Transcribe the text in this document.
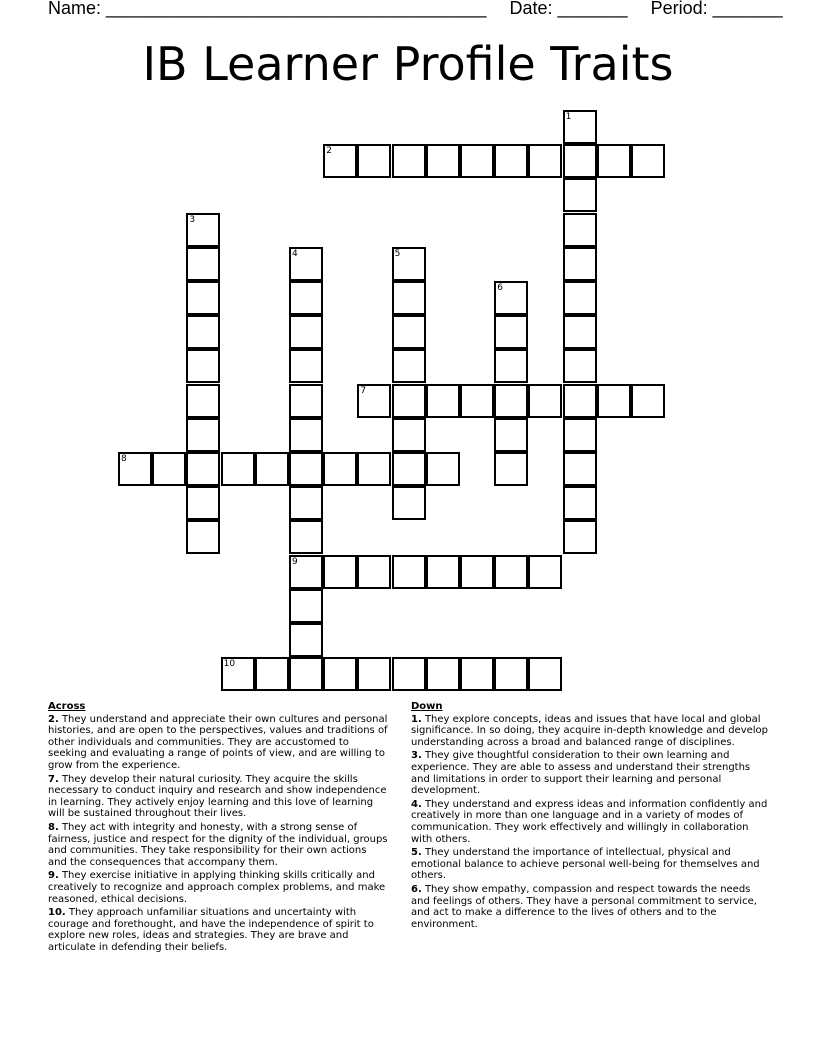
Name: ______________________________________ Date: _______ Period: _______
IB Learner Profile Traits
1
2
3
4
9
5
6
7
8
10
Across
2. They understand and appreciate their own cultures and personal histories, and are open to the perspectives, values and traditions of other individuals and communities. They are accustomed to seeking and evaluating a range of points of view, and are willing to grow from the experience.
7. They develop their natural curiosity. They acquire the skills necessary to conduct inquiry and research and show independence in learning. They actively enjoy learning and this love of learning will be sustained throughout their lives.
8. They act with integrity and honesty, with a strong sense of fairness, justice and respect for the dignity of the individual, groups and communities. They take responsibility for their own actions and the consequences that accompany them.
9. They exercise initiative in applying thinking skills critically and creatively to recognize and approach complex problems, and make reasoned, ethical decisions.
10. They approach unfamiliar situations and uncertainty with courage and forethought, and have the independence of spirit to explore new roles, ideas and strategies. They are brave and articulate in defending their beliefs.
Down
1. They explore concepts, ideas and issues that have local and global significance. In so doing, they acquire in-depth knowledge and develop understanding across a broad and balanced range of disciplines.
3. They give thoughtful consideration to their own learning and experience. They are able to assess and understand their strengths and limitations in order to support their learning and personal development.
4. They understand and express ideas and information confidently and creatively in more than one language and in a variety of modes of communication. They work effectively and willingly in collaboration with others.
5. They understand the importance of intellectual, physical and emotional balance to achieve personal well-being for themselves and others.
6. They show empathy, compassion and respect towards the needs and feelings of others. They have a personal commitment to service, and act to make a difference to the lives of others and to the environment.
